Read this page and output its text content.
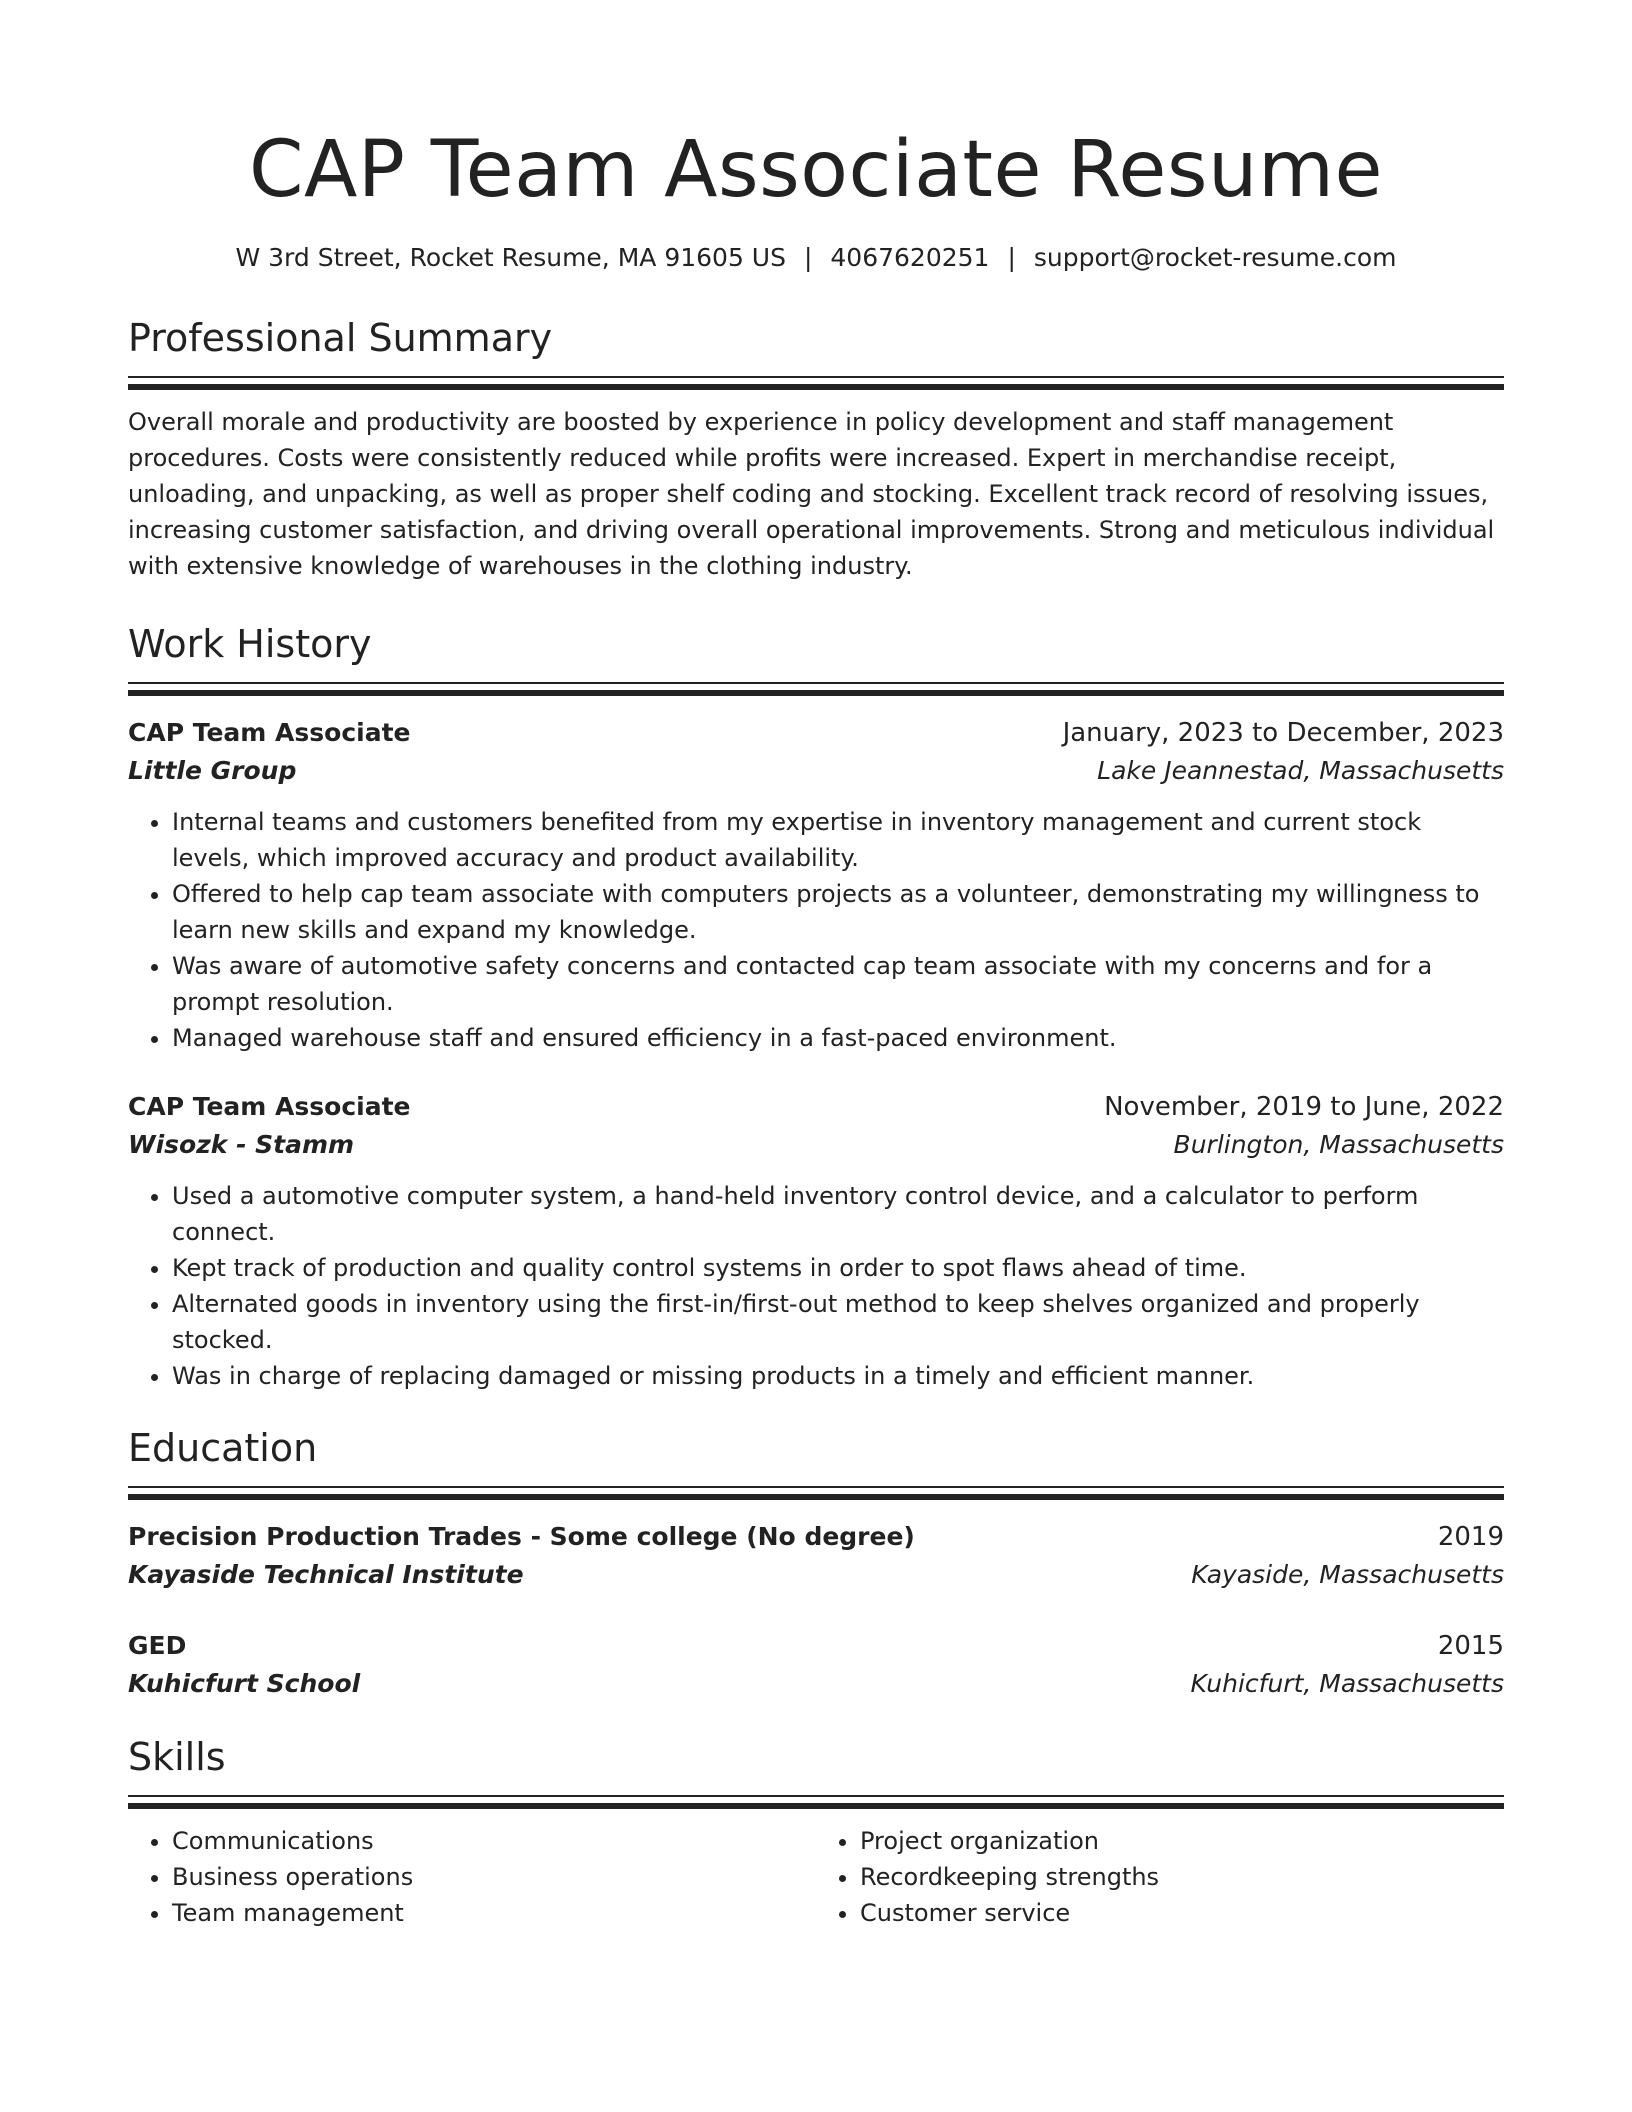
CAP Team Associate Resume
W 3rd Street, Rocket Resume, MA 91605 US | 4067620251 | support@rocket-resume.com
Professional Summary

Overall morale and productivity are boosted by experience in policy development and staff management procedures. Costs were consistently reduced while profits were increased. Expert in merchandise receipt, unloading, and unpacking, as well as proper shelf coding and stocking. Excellent track record of resolving issues, increasing customer satisfaction, and driving overall operational improvements. Strong and meticulous individual with extensive knowledge of warehouses in the clothing industry.

Work History
CAP Team Associate	January, 2023 to December, 2023
Little Group	Lake Jeannestad, Massachusetts
• Internal teams and customers benefited from my expertise in inventory management and current stock levels, which improved accuracy and product availability.
• Offered to help cap team associate with computers projects as a volunteer, demonstrating my willingness to learn new skills and expand my knowledge.
• Was aware of automotive safety concerns and contacted cap team associate with my concerns and for a prompt resolution.
• Managed warehouse staff and ensured efficiency in a fast-paced environment.
CAP Team Associate	November, 2019 to June, 2022
Wisozk - Stamm	Burlington, Massachusetts
• Used a automotive computer system, a hand-held inventory control device, and a calculator to perform connect.
• Kept track of production and quality control systems in order to spot flaws ahead of time.
• Alternated goods in inventory using the first-in/first-out method to keep shelves organized and properly stocked.
• Was in charge of replacing damaged or missing products in a timely and efficient manner.
Education
Precision Production Trades - Some college (No degree)	2019
Kayaside Technical Institute	Kayaside, Massachusetts
GED	2015
Kuhicfurt School	Kuhicfurt, Massachusetts
Skills
• Communications
• Business operations
• Team management
• Project organization
• Recordkeeping strengths
• Customer service
